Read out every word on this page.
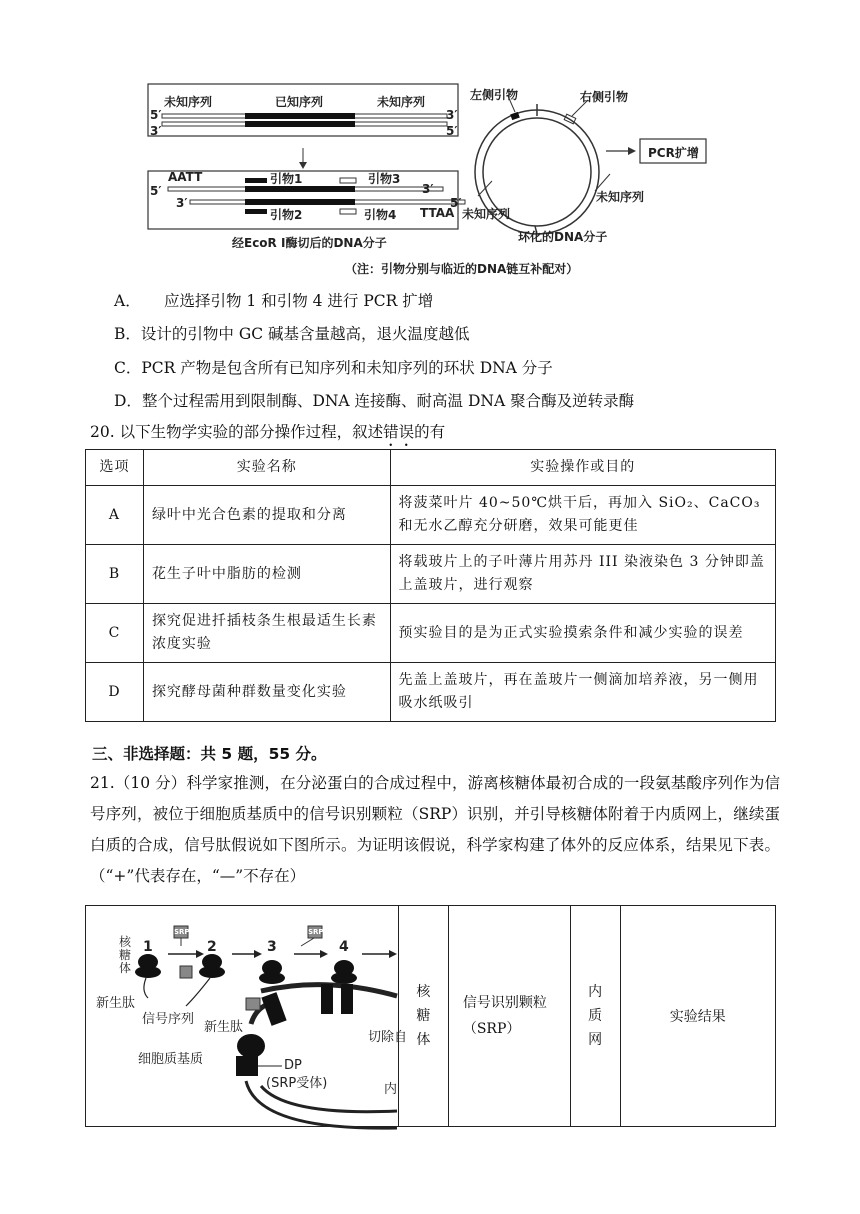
未知序列	已知序列	未知序列
5′	3′
3′	5′
AATT	引物1	引物3
5′	3′
3′	5′
引物2	引物4 TTAA
经EcoR I酶切后的DNA分子
左侧引物	右侧引物
PCR扩增
未知序列
未知序列
环化的DNA分子
（注：引物分别与临近的DNA链互补配对）
A． 应选择引物 1 和引物 4 进行 PCR 扩增
B．设计的引物中 GC 碱基含量越高，退火温度越低
C．PCR 产物是包含所有已知序列和未知序列的环状 DNA 分子
D．整个过程需用到限制酶、DNA 连接酶、耐高温 DNA 聚合酶及逆转录酶
20. 以下生物学实验的部分操作过程，叙述错误的有
选项	实验名称	实验操作或目的
A	绿叶中光合色素的提取和分离	将菠菜叶片 40~50℃烘干后，再加入 SiO₂、CaCO₃和无水乙醇充分研磨，效果可能更佳
B	花生子叶中脂肪的检测	将载玻片上的子叶薄片用苏丹 III 染液染色 3 分钟即盖上盖玻片，进行观察
C	探究促进扦插枝条生根最适生长素浓度实验	预实验目的是为正式实验摸索条件和减少实验的误差
D	探究酵母菌种群数量变化实验	先盖上盖玻片，再在盖玻片一侧滴加培养液，另一侧用吸水纸吸引
三、非选择题：共 5 题，55 分。
21.（10 分）科学家推测，在分泌蛋白的合成过程中，游离核糖体最初合成的一段氨基酸序列作为信号序列，被位于细胞质基质中的信号识别颗粒（SRP）识别，并引导核糖体附着于内质网上，继续蛋白质的合成，信号肽假说如下图所示。为证明该假说，科学家构建了体外的反应体系，结果见下表。（“+”代表存在，“—”不存在）
1	2	3	4
核糖体
SRP	SRP
新生肽
信号序列
新生肽
切除自
细胞质基质	DP
(SRP受体)	内
	核糖体	信号识别颗粒（SRP）	内质网	实验结果
